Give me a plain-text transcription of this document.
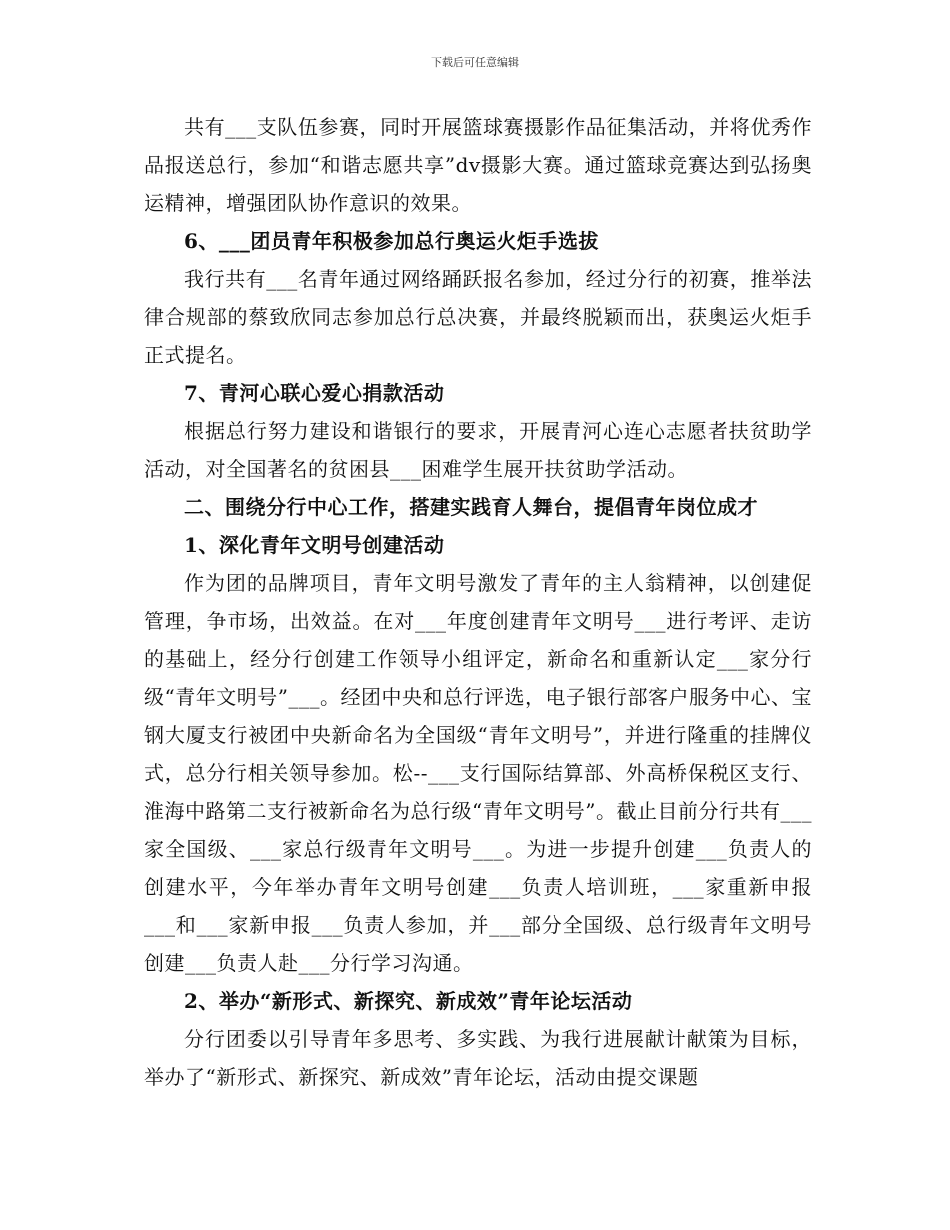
下载后可任意编辑

共有___支队伍参赛，同时开展篮球赛摄影作品征集活动，并将优秀作品报送总行，参加“和谐志愿共享”dv摄影大赛。通过篮球竞赛达到弘扬奥运精神，增强团队协作意识的效果。

6、___团员青年积极参加总行奥运火炬手选拔

我行共有___名青年通过网络踊跃报名参加，经过分行的初赛，推举法律合规部的蔡致欣同志参加总行总决赛，并最终脱颖而出，获奥运火炬手正式提名。

7、青河心联心爱心捐款活动

根据总行努力建设和谐银行的要求，开展青河心连心志愿者扶贫助学活动，对全国著名的贫困县___困难学生展开扶贫助学活动。

二、围绕分行中心工作，搭建实践育人舞台，提倡青年岗位成才

1、深化青年文明号创建活动

作为团的品牌项目，青年文明号激发了青年的主人翁精神，以创建促管理，争市场，出效益。在对___年度创建青年文明号___进行考评、走访的基础上，经分行创建工作领导小组评定，新命名和重新认定___家分行级“青年文明号”___。经团中央和总行评选，电子银行部客户服务中心、宝钢大厦支行被团中央新命名为全国级“青年文明号”，并进行隆重的挂牌仪式，总分行相关领导参加。松--___支行国际结算部、外高桥保税区支行、淮海中路第二支行被新命名为总行级“青年文明号”。截止目前分行共有___家全国级、___家总行级青年文明号___。为进一步提升创建___负责人的创建水平，今年举办青年文明号创建___负责人培训班，___家重新申报___和___家新申报___负责人参加，并___部分全国级、总行级青年文明号创建___负责人赴___分行学习沟通。

2、举办“新形式、新探究、新成效”青年论坛活动

分行团委以引导青年多思考、多实践、为我行进展献计献策为目标，举办了“新形式、新探究、新成效”青年论坛，活动由提交课题
